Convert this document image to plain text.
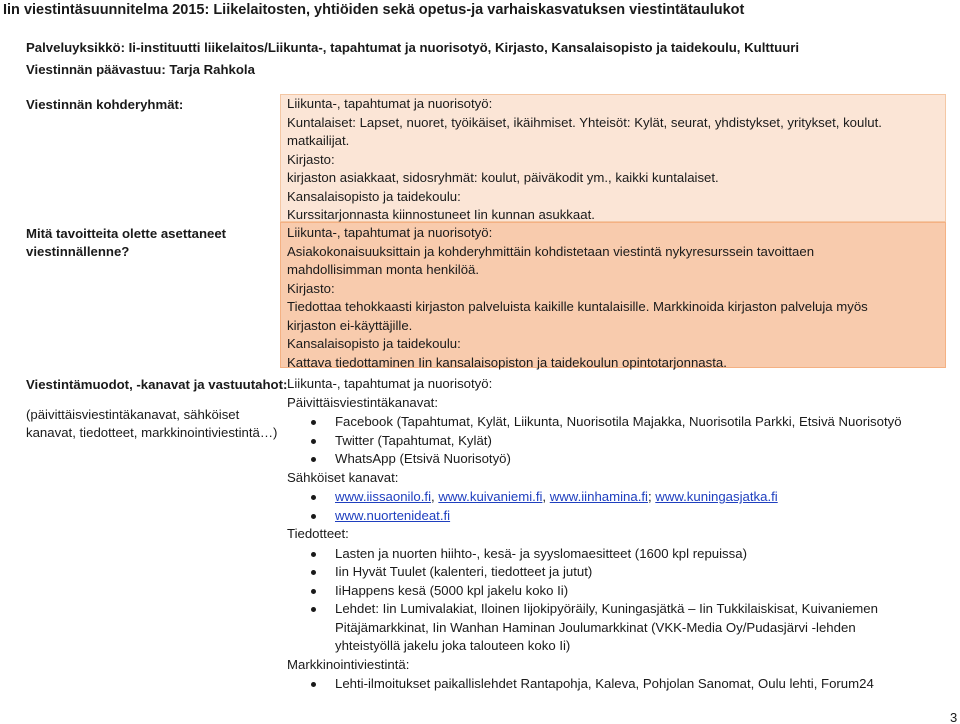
Iin viestintäsuunnitelma 2015: Liikelaitosten, yhtiöiden sekä opetus-ja varhaiskasvatuksen viestintätaulukot
Palveluyksikkö: Ii-instituutti liikelaitos/Liikunta-, tapahtumat ja nuorisotyö, Kirjasto, Kansalaisopisto ja taidekoulu, Kulttuuri
Viestinnän päävastuu: Tarja Rahkola
Viestinnän kohderyhmät:
Mitä tavoitteita olette asettaneet
viestinnällenne?
Viestintämuodot, -kanavat ja vastuutahot:
(päivittäisviestintäkanavat, sähköiset
kanavat, tiedotteet, markkinointiviestintä…)
Liikunta-, tapahtumat ja nuorisotyö:
Kuntalaiset: Lapset, nuoret, työikäiset, ikäihmiset. Yhteisöt: Kylät, seurat, yhdistykset, yritykset, koulut.
matkailijat.
Kirjasto:
kirjaston asiakkaat, sidosryhmät: koulut, päiväkodit ym., kaikki kuntalaiset.
Kansalaisopisto ja taidekoulu:
Kurssitarjonnasta kiinnostuneet Iin kunnan asukkaat.
Liikunta-, tapahtumat ja nuorisotyö:
Asiakokonaisuuksittain ja kohderyhmittäin kohdistetaan viestintä nykyresurssein tavoittaen
mahdollisimman monta henkilöä.
Kirjasto:
Tiedottaa tehokkaasti kirjaston palveluista kaikille kuntalaisille. Markkinoida kirjaston palveluja myös
kirjaston ei-käyttäjille.
Kansalaisopisto ja taidekoulu:
Kattava tiedottaminen Iin kansalaisopiston ja taidekoulun opintotarjonnasta.
Liikunta-, tapahtumat ja nuorisotyö:
Päivittäisviestintäkanavat:
Facebook (Tapahtumat, Kylät, Liikunta, Nuorisotila Majakka, Nuorisotila Parkki, Etsivä Nuorisotyö
Twitter (Tapahtumat, Kylät)
WhatsApp (Etsivä Nuorisotyö)
Sähköiset kanavat:
www.iissaonilo.fi, www.kuivaniemi.fi, www.iinhamina.fi; www.kuningasjatka.fi
www.nuortenideat.fi
Tiedotteet:
Lasten ja nuorten hiihto-, kesä- ja syyslomaesitteet (1600 kpl repuissa)
Iin Hyvät Tuulet (kalenteri, tiedotteet ja jutut)
IiHappens kesä (5000 kpl jakelu koko Ii)
Lehdet: Iin Lumivalakiat, Iloinen Iijokipyöräily, Kuningasjätkä – Iin Tukkilaiskisat, Kuivaniemen
Pitäjämarkkinat, Iin Wanhan Haminan Joulumarkkinat (VKK-Media Oy/Pudasjärvi -lehden
yhteistyöllä jakelu joka talouteen koko Ii)
Markkinointiviestintä:
Lehti-ilmoitukset paikallislehdet Rantapohja, Kaleva, Pohjolan Sanomat, Oulu lehti, Forum24
3
